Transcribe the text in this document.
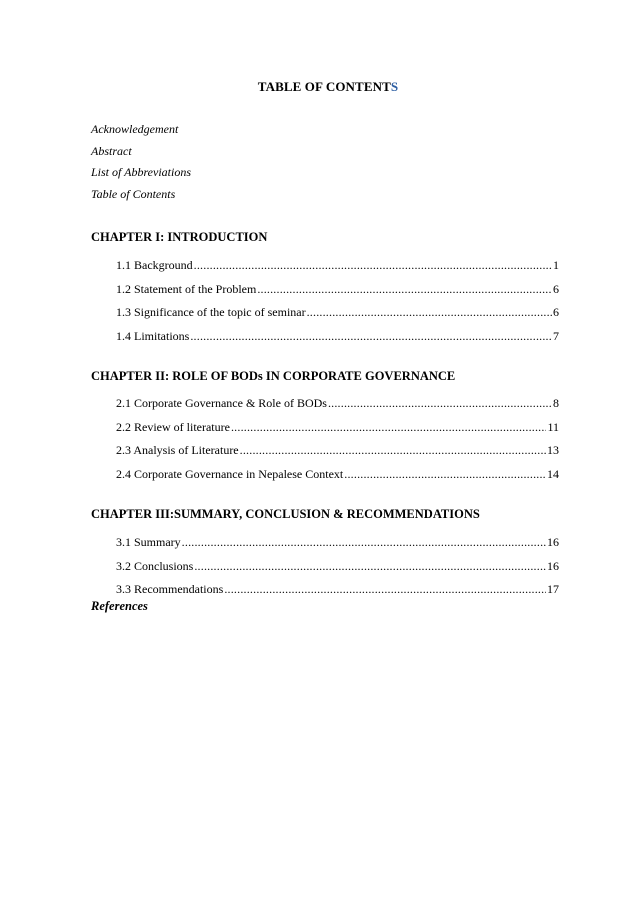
TABLE OF CONTENTS
Acknowledgement
Abstract
List of Abbreviations
Table of Contents
CHAPTER I: INTRODUCTION
1.1 Background .....	1
1.2 Statement of the Problem .....	6
1.3 Significance of the topic of seminar .....	6
1.4 Limitations .....	7
CHAPTER II: ROLE OF BODs IN CORPORATE GOVERNANCE
2.1 Corporate Governance & Role of BODs .....	8
2.2 Review of literature .....	11
2.3 Analysis of Literature .....	13
2.4 Corporate Governance in Nepalese Context .....	14
CHAPTER III:SUMMARY, CONCLUSION & RECOMMENDATIONS
3.1 Summary .....	16
3.2 Conclusions .....	16
3.3 Recommendations .....	17
References
